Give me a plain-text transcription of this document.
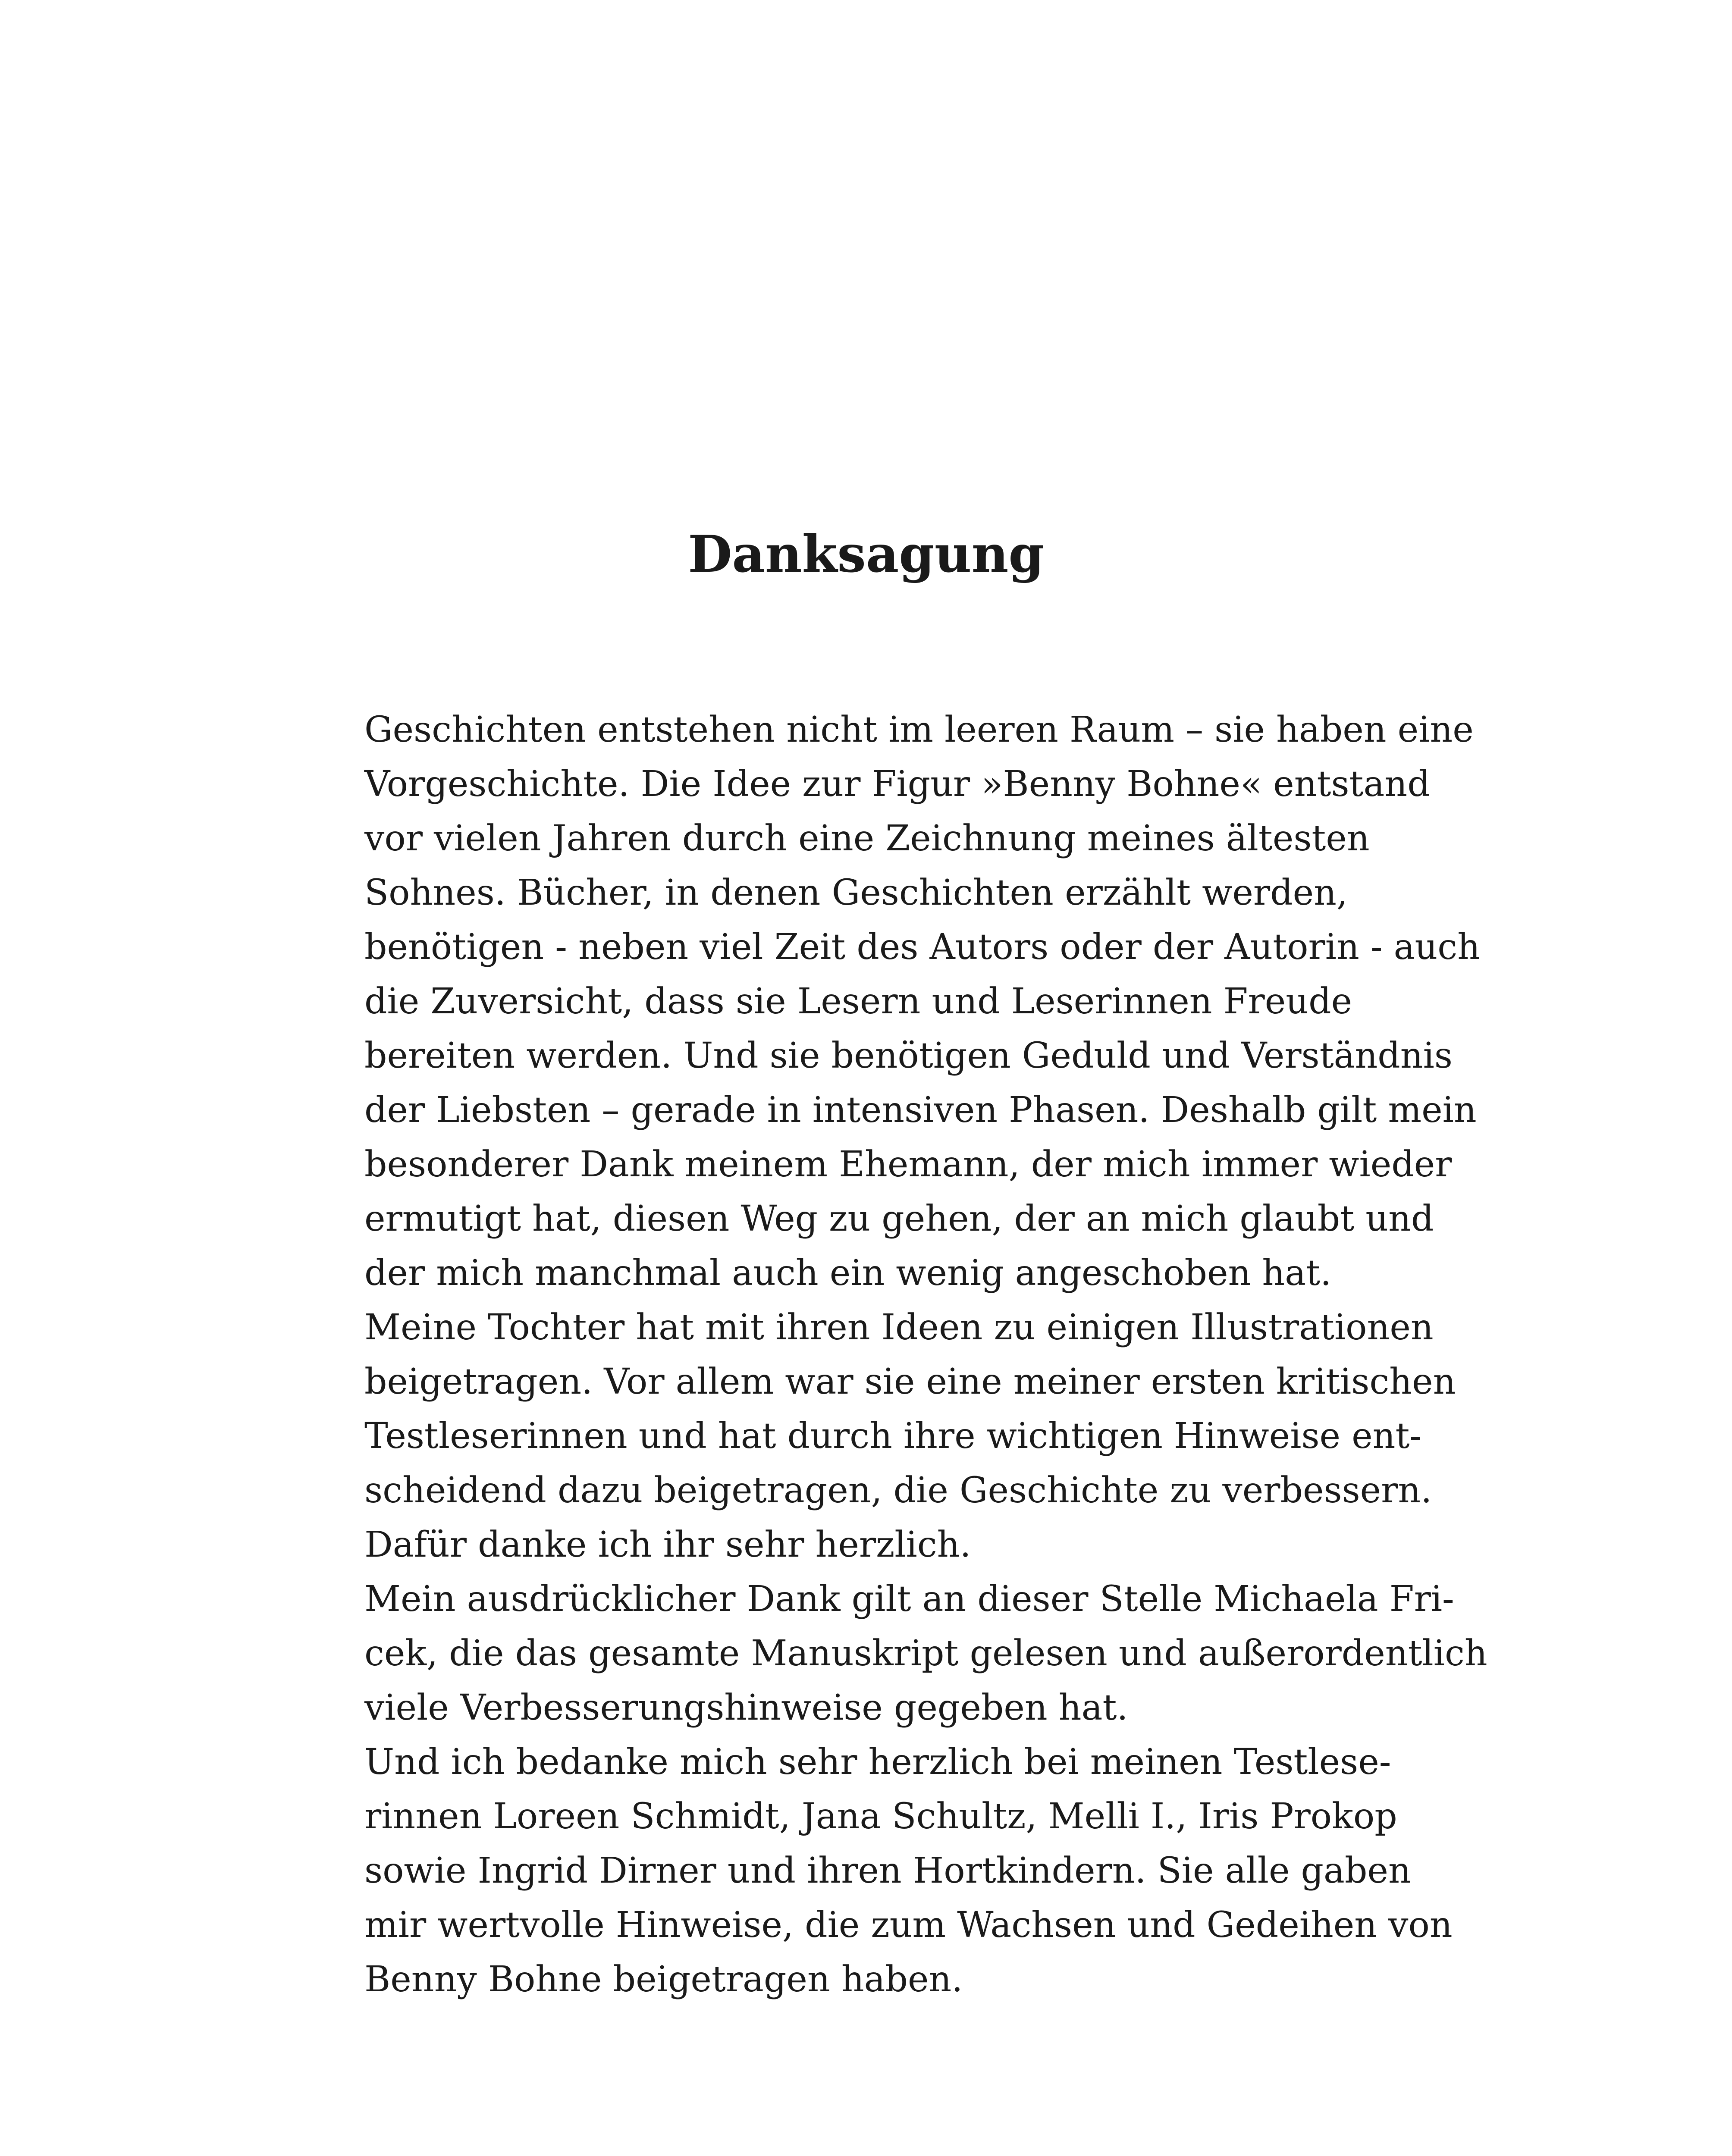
Danksagung
Geschichten entstehen nicht im leeren Raum – sie haben eine
Vorgeschichte. Die Idee zur Figur »Benny Bohne« entstand
vor vielen Jahren durch eine Zeichnung meines ältesten
Sohnes. Bücher, in denen Geschichten erzählt werden,
benötigen - neben viel Zeit des Autors oder der Autorin - auch
die Zuversicht, dass sie Lesern und Leserinnen Freude
bereiten werden. Und sie benötigen Geduld und Verständnis
der Liebsten – gerade in intensiven Phasen. Deshalb gilt mein
besonderer Dank meinem Ehemann, der mich immer wieder
ermutigt hat, diesen Weg zu gehen, der an mich glaubt und
der mich manchmal auch ein wenig angeschoben hat.
Meine Tochter hat mit ihren Ideen zu einigen Illustrationen
beigetragen. Vor allem war sie eine meiner ersten kritischen
Testleserinnen und hat durch ihre wichtigen Hinweise ent-
scheidend dazu beigetragen, die Geschichte zu verbessern.
Dafür danke ich ihr sehr herzlich.
Mein ausdrücklicher Dank gilt an dieser Stelle Michaela Fri-
cek, die das gesamte Manuskript gelesen und außerordentlich
viele Verbesserungshinweise gegeben hat.
Und ich bedanke mich sehr herzlich bei meinen Testlese-
rinnen Loreen Schmidt, Jana Schultz, Melli I., Iris Prokop
sowie Ingrid Dirner und ihren Hortkindern. Sie alle gaben
mir wertvolle Hinweise, die zum Wachsen und Gedeihen von
Benny Bohne beigetragen haben.
